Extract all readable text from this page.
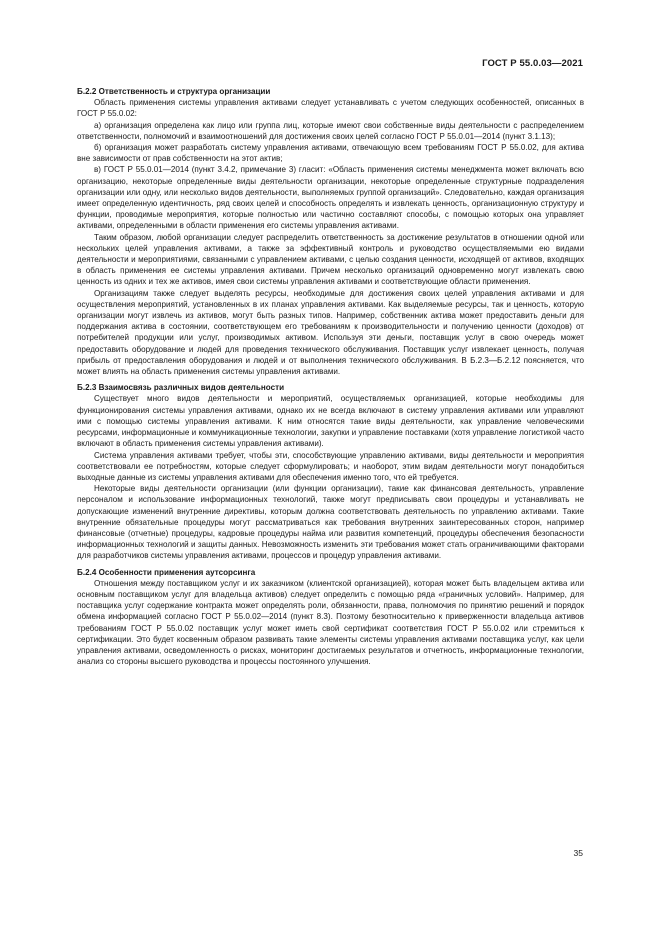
ГОСТ Р 55.0.03—2021
Б.2.2 Ответственность и структура организации

Область применения системы управления активами следует устанавливать с учетом следующих особенностей, описанных в ГОСТ Р 55.0.02:

а) организация определена как лицо или группа лиц, которые имеют свои собственные виды деятельности с распределением ответственности, полномочий и взаимоотношений для достижения своих целей согласно ГОСТ Р 55.0.01—2014 (пункт 3.1.13);

б) организация может разработать систему управления активами, отвечающую всем требованиям ГОСТ Р 55.0.02, для актива вне зависимости от прав собственности на этот актив;

в) ГОСТ Р 55.0.01—2014 (пункт 3.4.2, примечание 3) гласит: «Область применения системы менеджмента может включать всю организацию, некоторые определенные виды деятельности организации, некоторые определенные структурные подразделения организации или одну, или несколько видов деятельности, выполняемых группой организаций». Следовательно, каждая организация имеет определенную идентичность, ряд своих целей и способность определять и извлекать ценность, организационную структуру и функции, проводимые мероприятия, которые полностью или частично составляют способы, с помощью которых она управляет активами, определенными в области применения его системы управления активами.

Таким образом, любой организации следует распределить ответственность за достижение результатов в отношении одной или нескольких целей управления активами, а также за эффективный контроль и руководство осуществляемыми ею видами деятельности и мероприятиями, связанными с управлением активами, с целью создания ценности, исходящей от активов, входящих в область применения ее системы управления активами. Причем несколько организаций одновременно могут извлекать свою ценность из одних и тех же активов, имея свои системы управления активами и соответствующие области применения.

Организациям также следует выделять ресурсы, необходимые для достижения своих целей управления активами и для осуществления мероприятий, установленных в их планах управления активами. Как выделяемые ресурсы, так и ценность, которую организации могут извлечь из активов, могут быть разных типов. Например, собственник актива может предоставить деньги для поддержания актива в состоянии, соответствующем его требованиям к производительности и получению ценности (доходов) от потребителей продукции или услуг, производимых активом. Используя эти деньги, поставщик услуг в свою очередь может предоставить оборудование и людей для проведения технического обслуживания. Поставщик услуг извлекает ценность, получая прибыль от предоставления оборудования и людей и от выполнения технического обслуживания. В Б.2.3—Б.2.12 поясняется, что может влиять на область применения системы управления активами.

Б.2.3 Взаимосвязь различных видов деятельности

Существует много видов деятельности и мероприятий, осуществляемых организацией, которые необходимы для функционирования системы управления активами, однако их не всегда включают в систему управления активами или управляют ими с помощью системы управления активами. К ним относятся такие виды деятельности, как управление человеческими ресурсами, информационные и коммуникационные технологии, закупки и управление поставками (хотя управление логистикой часто включают в область применения системы управления активами).

Система управления активами требует, чтобы эти, способствующие управлению активами, виды деятельности и мероприятия соответствовали ее потребностям, которые следует сформулировать; и наоборот, этим видам деятельности могут понадобиться выходные данные из системы управления активами для обеспечения именно того, что ей требуется.

Некоторые виды деятельности организации (или функции организации), такие как финансовая деятельность, управление персоналом и использование информационных технологий, также могут предписывать свои процедуры и устанавливать не допускающие изменений внутренние директивы, которым должна соответствовать деятельность по управлению активами. Такие внутренние обязательные процедуры могут рассматриваться как требования внутренних заинтересованных сторон, например финансовые (отчетные) процедуры, кадровые процедуры найма или развития компетенций, процедуры обеспечения безопасности информационных технологий и защиты данных. Невозможность изменить эти требования может стать ограничивающими факторами для разработчиков системы управления активами, процессов и процедур управления активами.

Б.2.4 Особенности применения аутсорсинга

Отношения между поставщиком услуг и их заказчиком (клиентской организацией), которая может быть владельцем актива или основным поставщиком услуг для владельца активов) следует определить с помощью ряда «граничных условий». Например, для поставщика услуг содержание контракта может определять роли, обязанности, права, полномочия по принятию решений и порядок обмена информацией согласно ГОСТ Р 55.0.02—2014 (пункт 8.3). Поэтому безотносительно к приверженности владельца активов требованиям ГОСТ Р 55.0.02 поставщик услуг может иметь свой сертификат соответствия ГОСТ Р 55.0.02 или стремиться к сертификации. Это будет косвенным образом развивать такие элементы системы управления активами поставщика услуг, как цели управления активами, осведомленность о рисках, мониторинг достигаемых результатов и отчетность, информационные технологии, анализ со стороны высшего руководства и процессы постоянного улучшения.

35
